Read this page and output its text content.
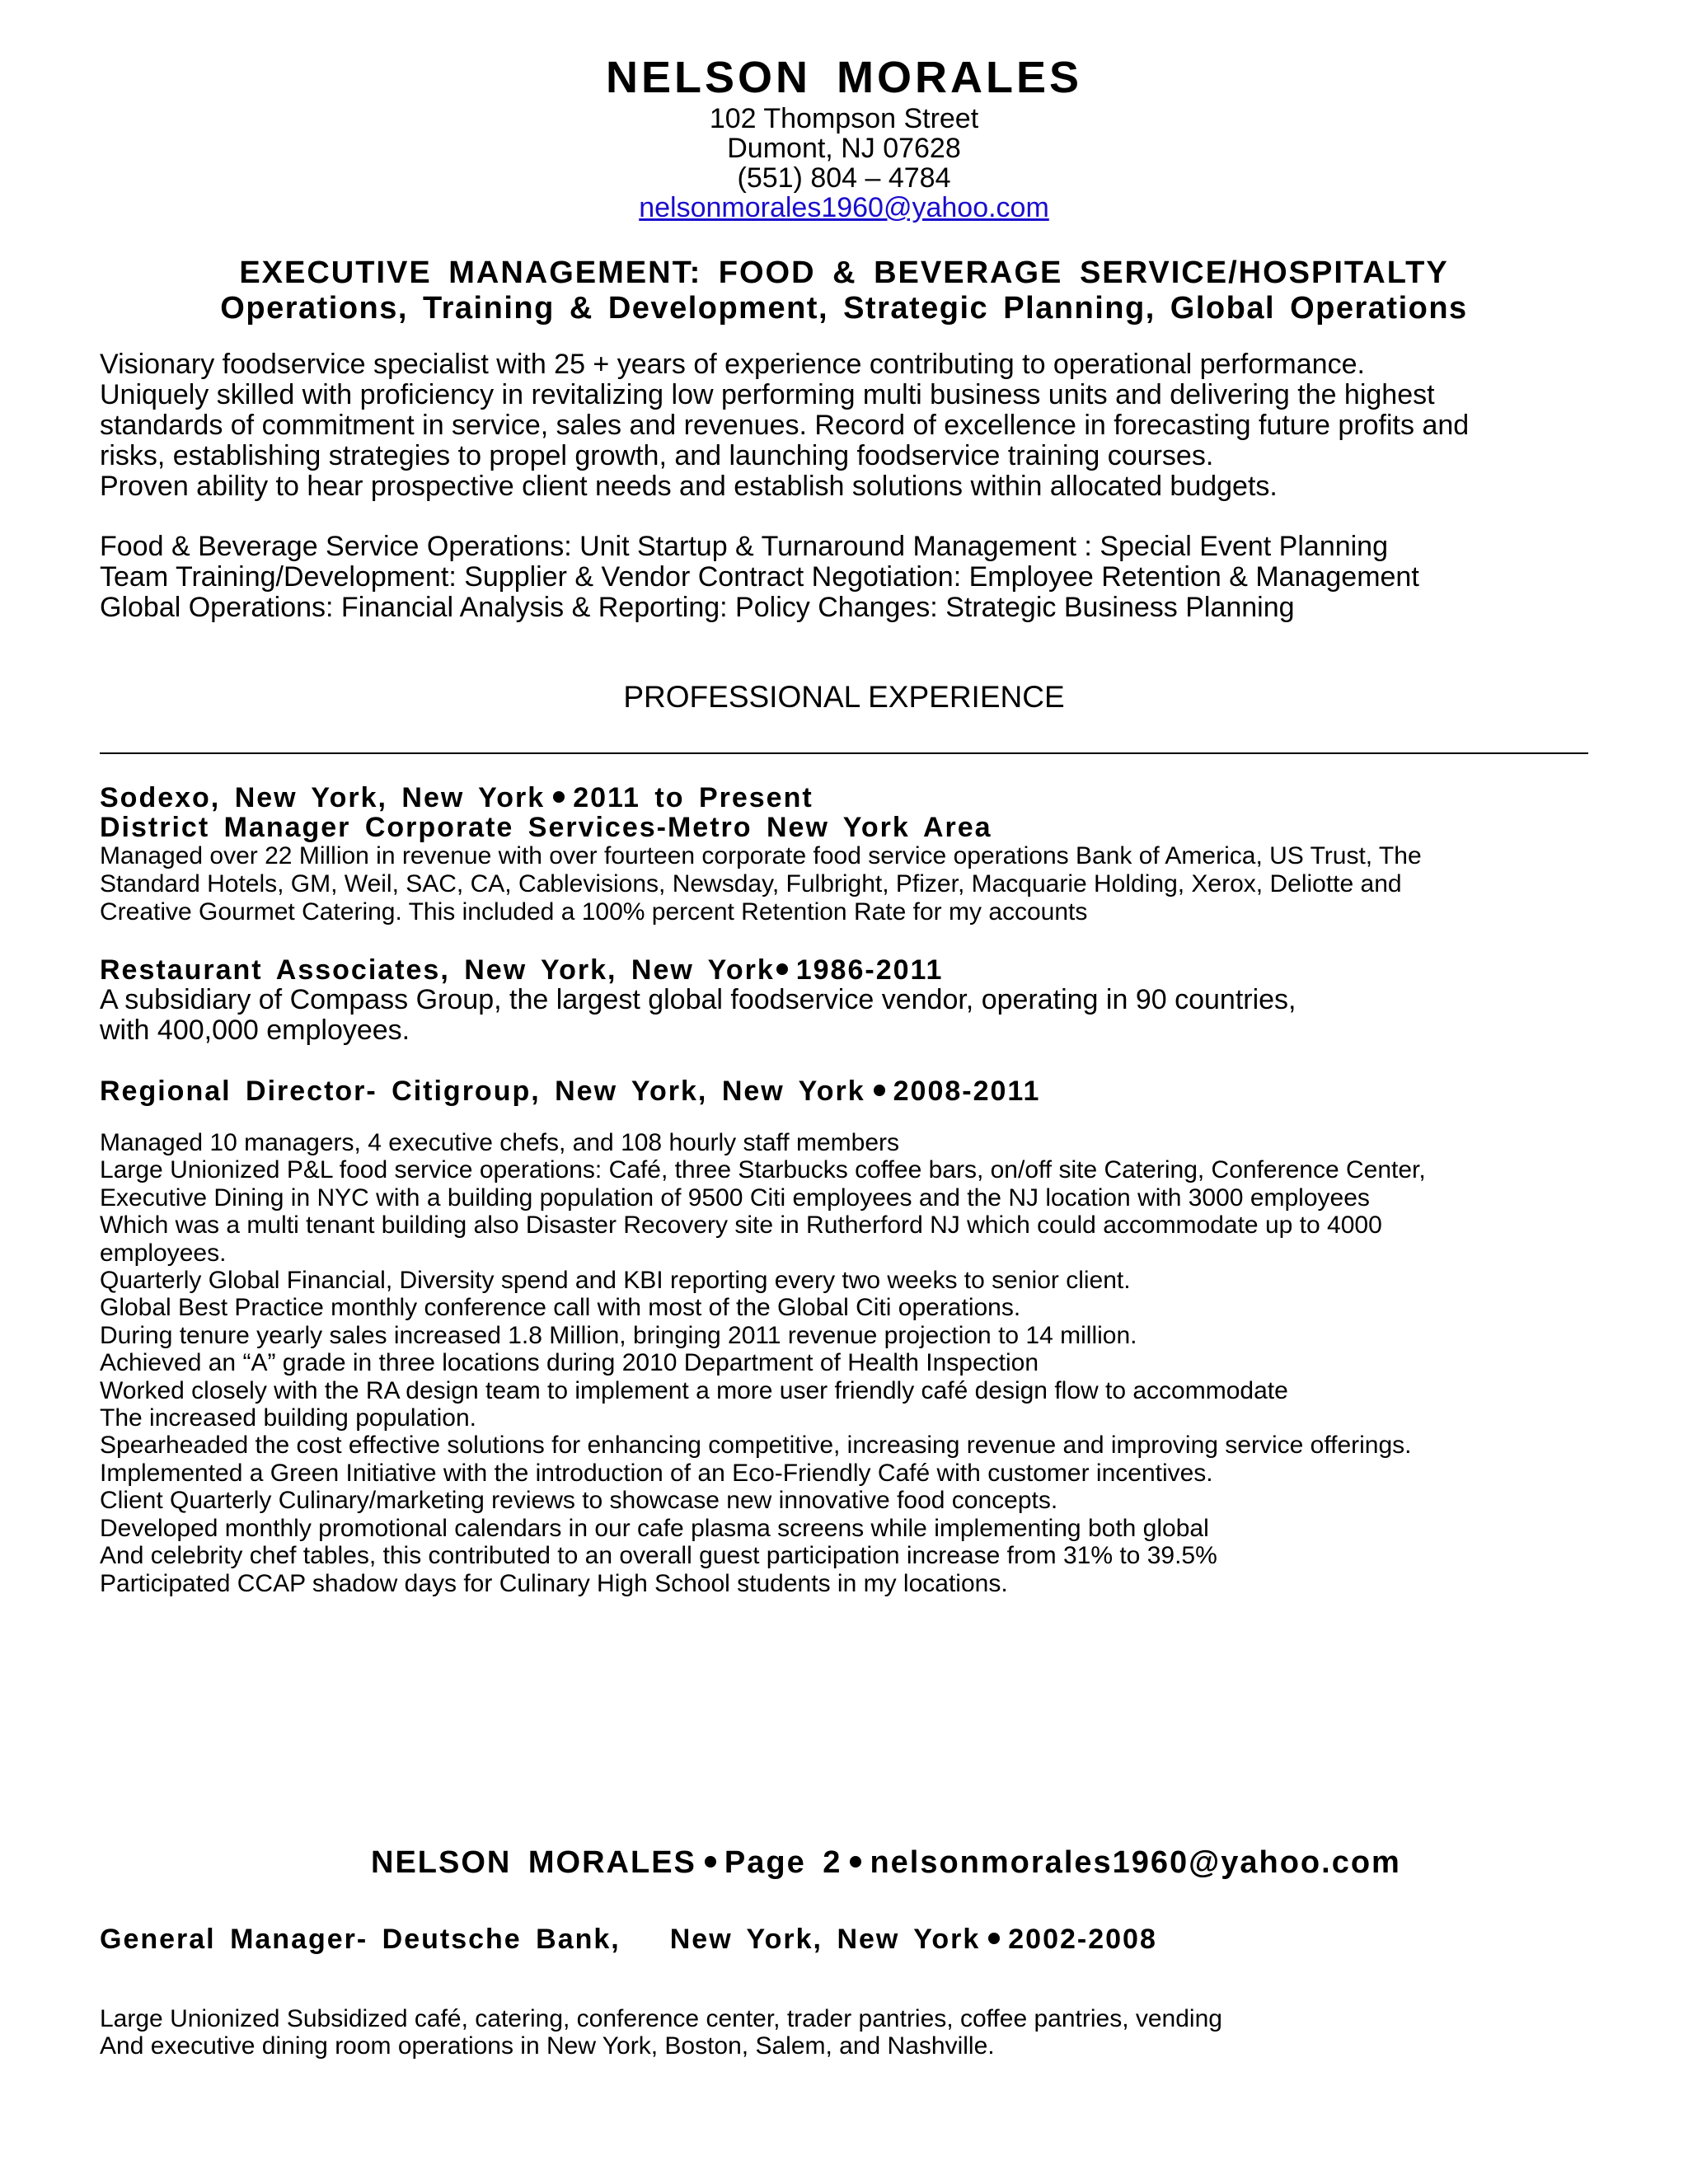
NELSON MORALES
102 Thompson Street
Dumont, NJ 07628
(551) 804 – 4784
nelsonmorales1960@yahoo.com
EXECUTIVE MANAGEMENT: FOOD & BEVERAGE SERVICE/HOSPITALTY
Operations, Training & Development, Strategic Planning, Global Operations

Visionary foodservice specialist with 25 + years of experience contributing to operational performance.

Uniquely skilled with proficiency in revitalizing low performing multi business units and delivering the highest

standards of commitment in service, sales and revenues. Record of excellence in forecasting future profits and

risks, establishing strategies to propel growth, and launching foodservice training courses.

Proven ability to hear prospective client needs and establish solutions within allocated budgets.

Food & Beverage Service Operations: Unit Startup & Turnaround Management : Special Event Planning

Team Training/Development: Supplier & Vendor Contract Negotiation: Employee Retention & Management

Global Operations: Financial Analysis & Reporting: Policy Changes: Strategic Business Planning

PROFESSIONAL EXPERIENCE

Sodexo, New York, New York 2011 to Present

District Manager Corporate Services-Metro New York Area

Managed over 22 Million in revenue with over fourteen corporate food service operations Bank of America, US Trust, The

Standard Hotels, GM, Weil, SAC, CA, Cablevisions, Newsday, Fulbright, Pfizer, Macquarie Holding, Xerox, Deliotte and

Creative Gourmet Catering. This included a 100% percent Retention Rate for my accounts

Restaurant Associates, New York, New York 1986-2011

A subsidiary of Compass Group, the largest global foodservice vendor, operating in 90 countries,

with 400,000 employees.

Regional Director- Citigroup, New York, New York 2008-2011

Managed 10 managers, 4 executive chefs, and 108 hourly staff members

Large Unionized P&L food service operations: Café, three Starbucks coffee bars, on/off site Catering, Conference Center,

Executive Dining in NYC with a building population of 9500 Citi employees and the NJ location with 3000 employees

Which was a multi tenant building also Disaster Recovery site in Rutherford NJ which could accommodate up to 4000

employees.

Quarterly Global Financial, Diversity spend and KBI reporting every two weeks to senior client.

Global Best Practice monthly conference call with most of the Global Citi operations.

During tenure yearly sales increased 1.8 Million, bringing 2011 revenue projection to 14 million.

Achieved an “A” grade in three locations during 2010 Department of Health Inspection

Worked closely with the RA design team to implement a more user friendly café design flow to accommodate

The increased building population.

Spearheaded the cost effective solutions for enhancing competitive, increasing revenue and improving service offerings.

Implemented a Green Initiative with the introduction of an Eco-Friendly Café with customer incentives.

Client Quarterly Culinary/marketing reviews to showcase new innovative food concepts.

Developed monthly promotional calendars in our cafe plasma screens while implementing both global

And celebrity chef tables, this contributed to an overall guest participation increase from 31% to 39.5%

Participated CCAP shadow days for Culinary High School students in my locations.

NELSON MORALES Page 2 nelsonmorales1960@yahoo.com

General Manager- Deutsche Bank, New York, New York 2002-2008

Large Unionized Subsidized café, catering, conference center, trader pantries, coffee pantries, vending

And executive dining room operations in New York, Boston, Salem, and Nashville.
